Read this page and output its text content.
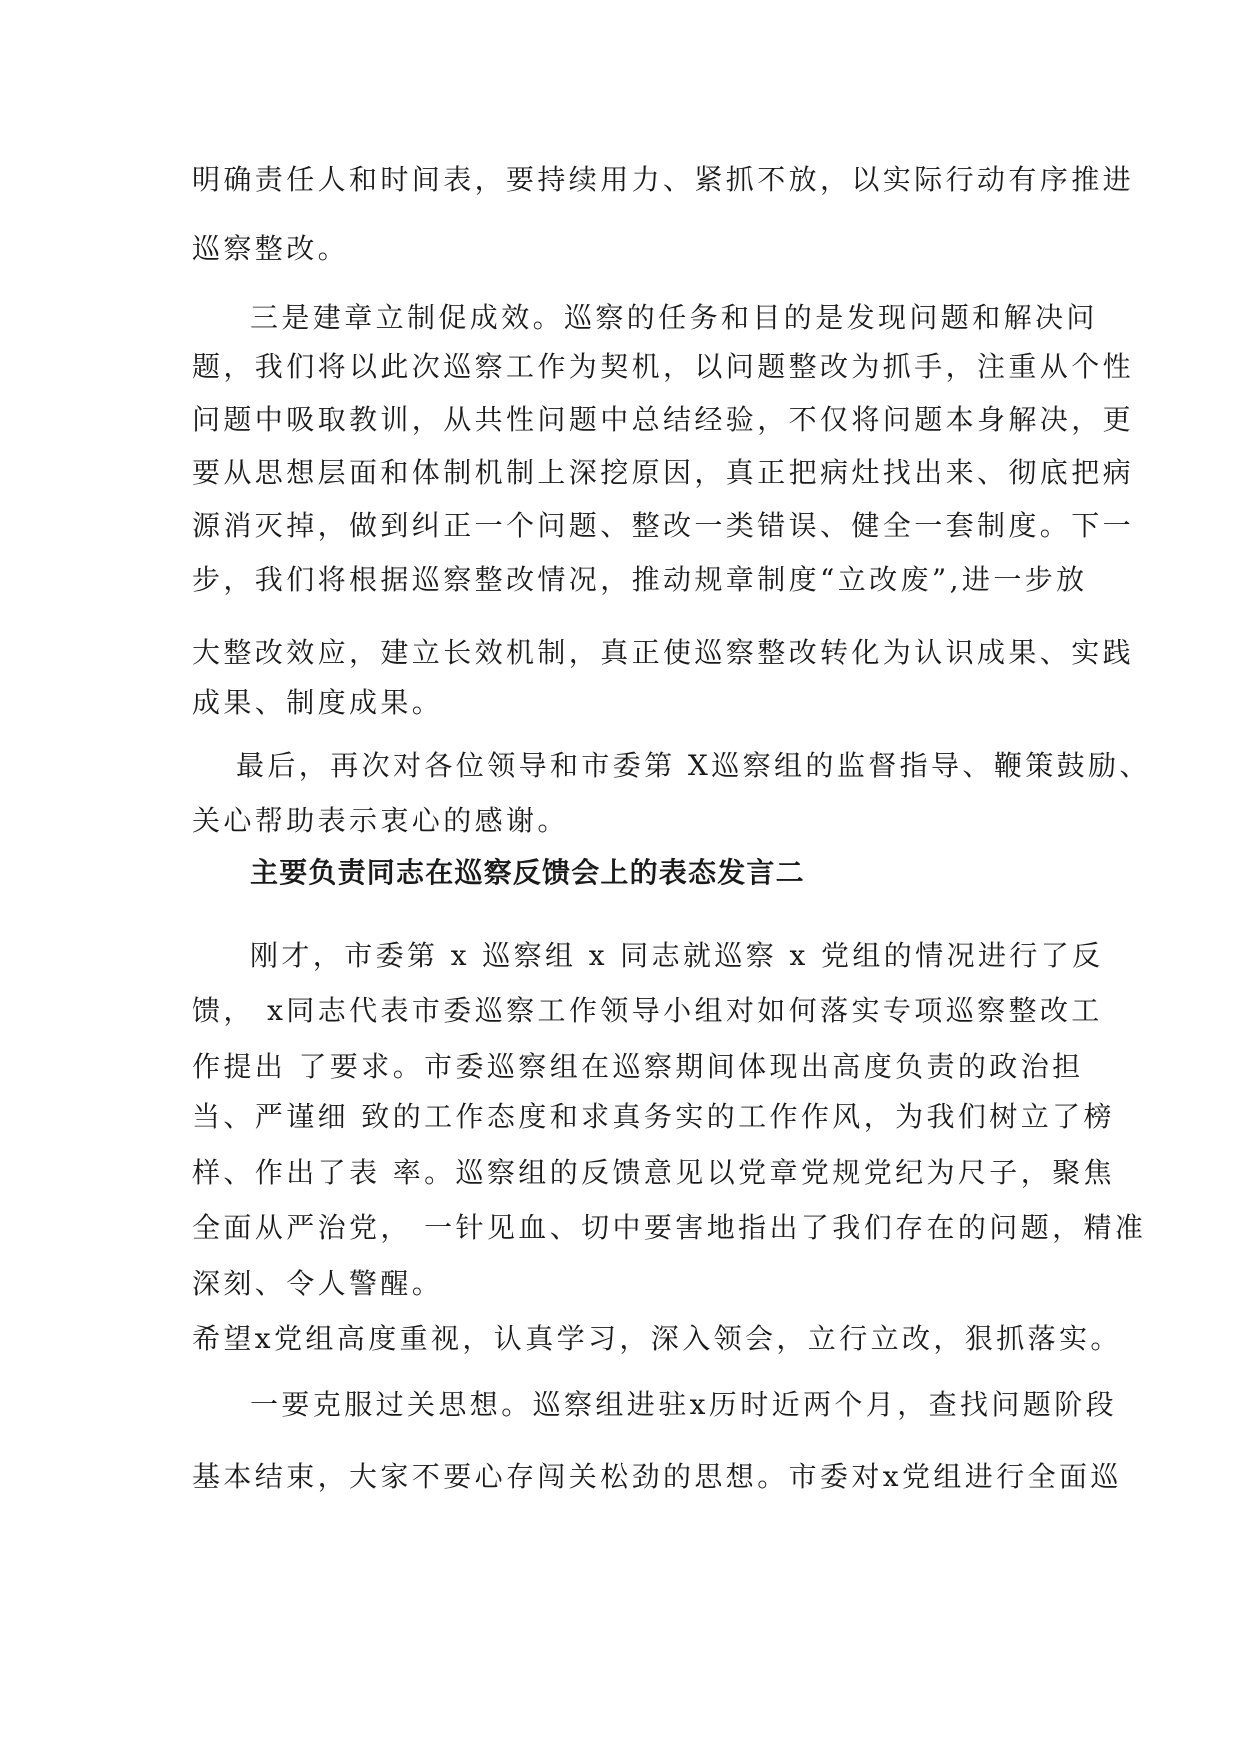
明确责任人和时间表，要持续用力、紧抓不放，以实际行动有序推进
巡察整改。
三是建章立制促成效。巡察的任务和目的是发现问题和解决问
题，我们将以此次巡察工作为契机，以问题整改为抓手，注重从个性
问题中吸取教训，从共性问题中总结经验，不仅将问题本身解决，更
要从思想层面和体制机制上深挖原因，真正把病灶找出来、彻底把病
源消灭掉，做到纠正一个问题、整改一类错误、健全一套制度。下一
步，我们将根据巡察整改情况，推动规章制度“立改废”,进一步放
大整改效应，建立长效机制，真正使巡察整改转化为认识成果、实践
成果、制度成果。
最后，再次对各位领导和市委第 X巡察组的监督指导、鞭策鼓励、
关心帮助表示衷心的感谢。
主要负责同志在巡察反馈会上的表态发言二
刚才，市委第 x 巡察组 x 同志就巡察 x 党组的情况进行了反
馈， x同志代表市委巡察工作领导小组对如何落实专项巡察整改工
作提出 了要求。市委巡察组在巡察期间体现出高度负责的政治担
当、严谨细 致的工作态度和求真务实的工作作风，为我们树立了榜
样、作出了表 率。巡察组的反馈意见以党章党规党纪为尺子，聚焦
全面从严治党， 一针见血、切中要害地指出了我们存在的问题，精准
深刻、令人警醒。
希望x党组高度重视，认真学习，深入领会，立行立改，狠抓落实。
一要克服过关思想。巡察组进驻x历时近两个月，查找问题阶段
基本结束，大家不要心存闯关松劲的思想。市委对x党组进行全面巡
